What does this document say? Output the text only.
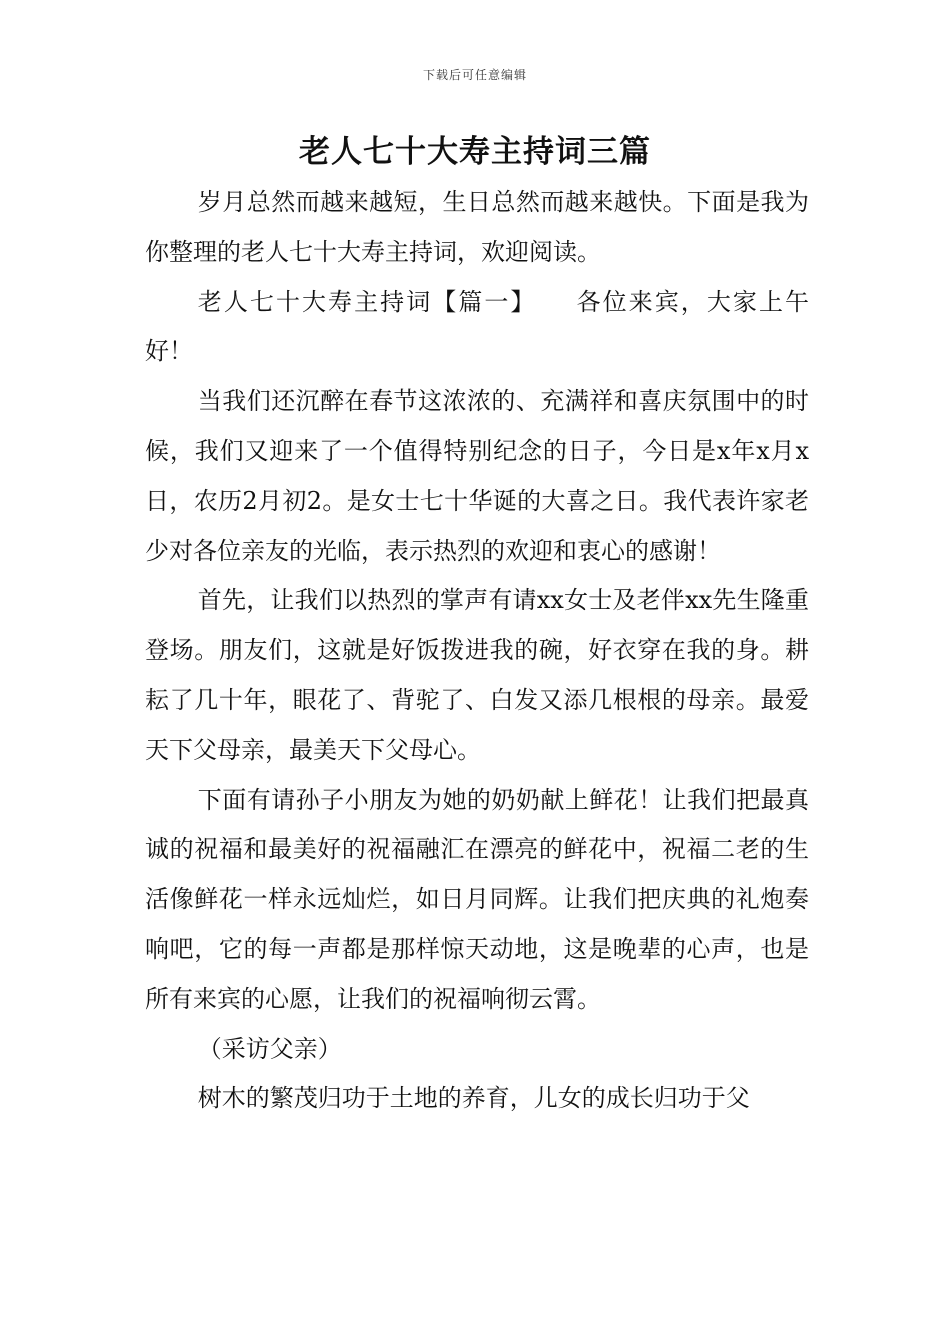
下载后可任意编辑
老人七十大寿主持词三篇

岁月总然而越来越短，生日总然而越来越快。下面是我为你整理的老人七十大寿主持词，欢迎阅读。

老人七十大寿主持词【篇一】　　各位来宾，大家上午好！

当我们还沉醉在春节这浓浓的、充满祥和喜庆氛围中的时候，我们又迎来了一个值得特别纪念的日子，今日是x年x月x日，农历2月初2。是女士七十华诞的大喜之日。我代表许家老少对各位亲友的光临，表示热烈的欢迎和衷心的感谢！

首先，让我们以热烈的掌声有请xx女士及老伴xx先生隆重登场。朋友们，这就是好饭拨进我的碗，好衣穿在我的身。耕耘了几十年，眼花了、背驼了、白发又添几根根的母亲。最爱天下父母亲，最美天下父母心。

下面有请孙子小朋友为她的奶奶献上鲜花！让我们把最真诚的祝福和最美好的祝福融汇在漂亮的鲜花中，祝福二老的生活像鲜花一样永远灿烂，如日月同辉。让我们把庆典的礼炮奏响吧，它的每一声都是那样惊天动地，这是晚辈的心声，也是所有来宾的心愿，让我们的祝福响彻云霄。

（采访父亲）

树木的繁茂归功于土地的养育，儿女的成长归功于父
